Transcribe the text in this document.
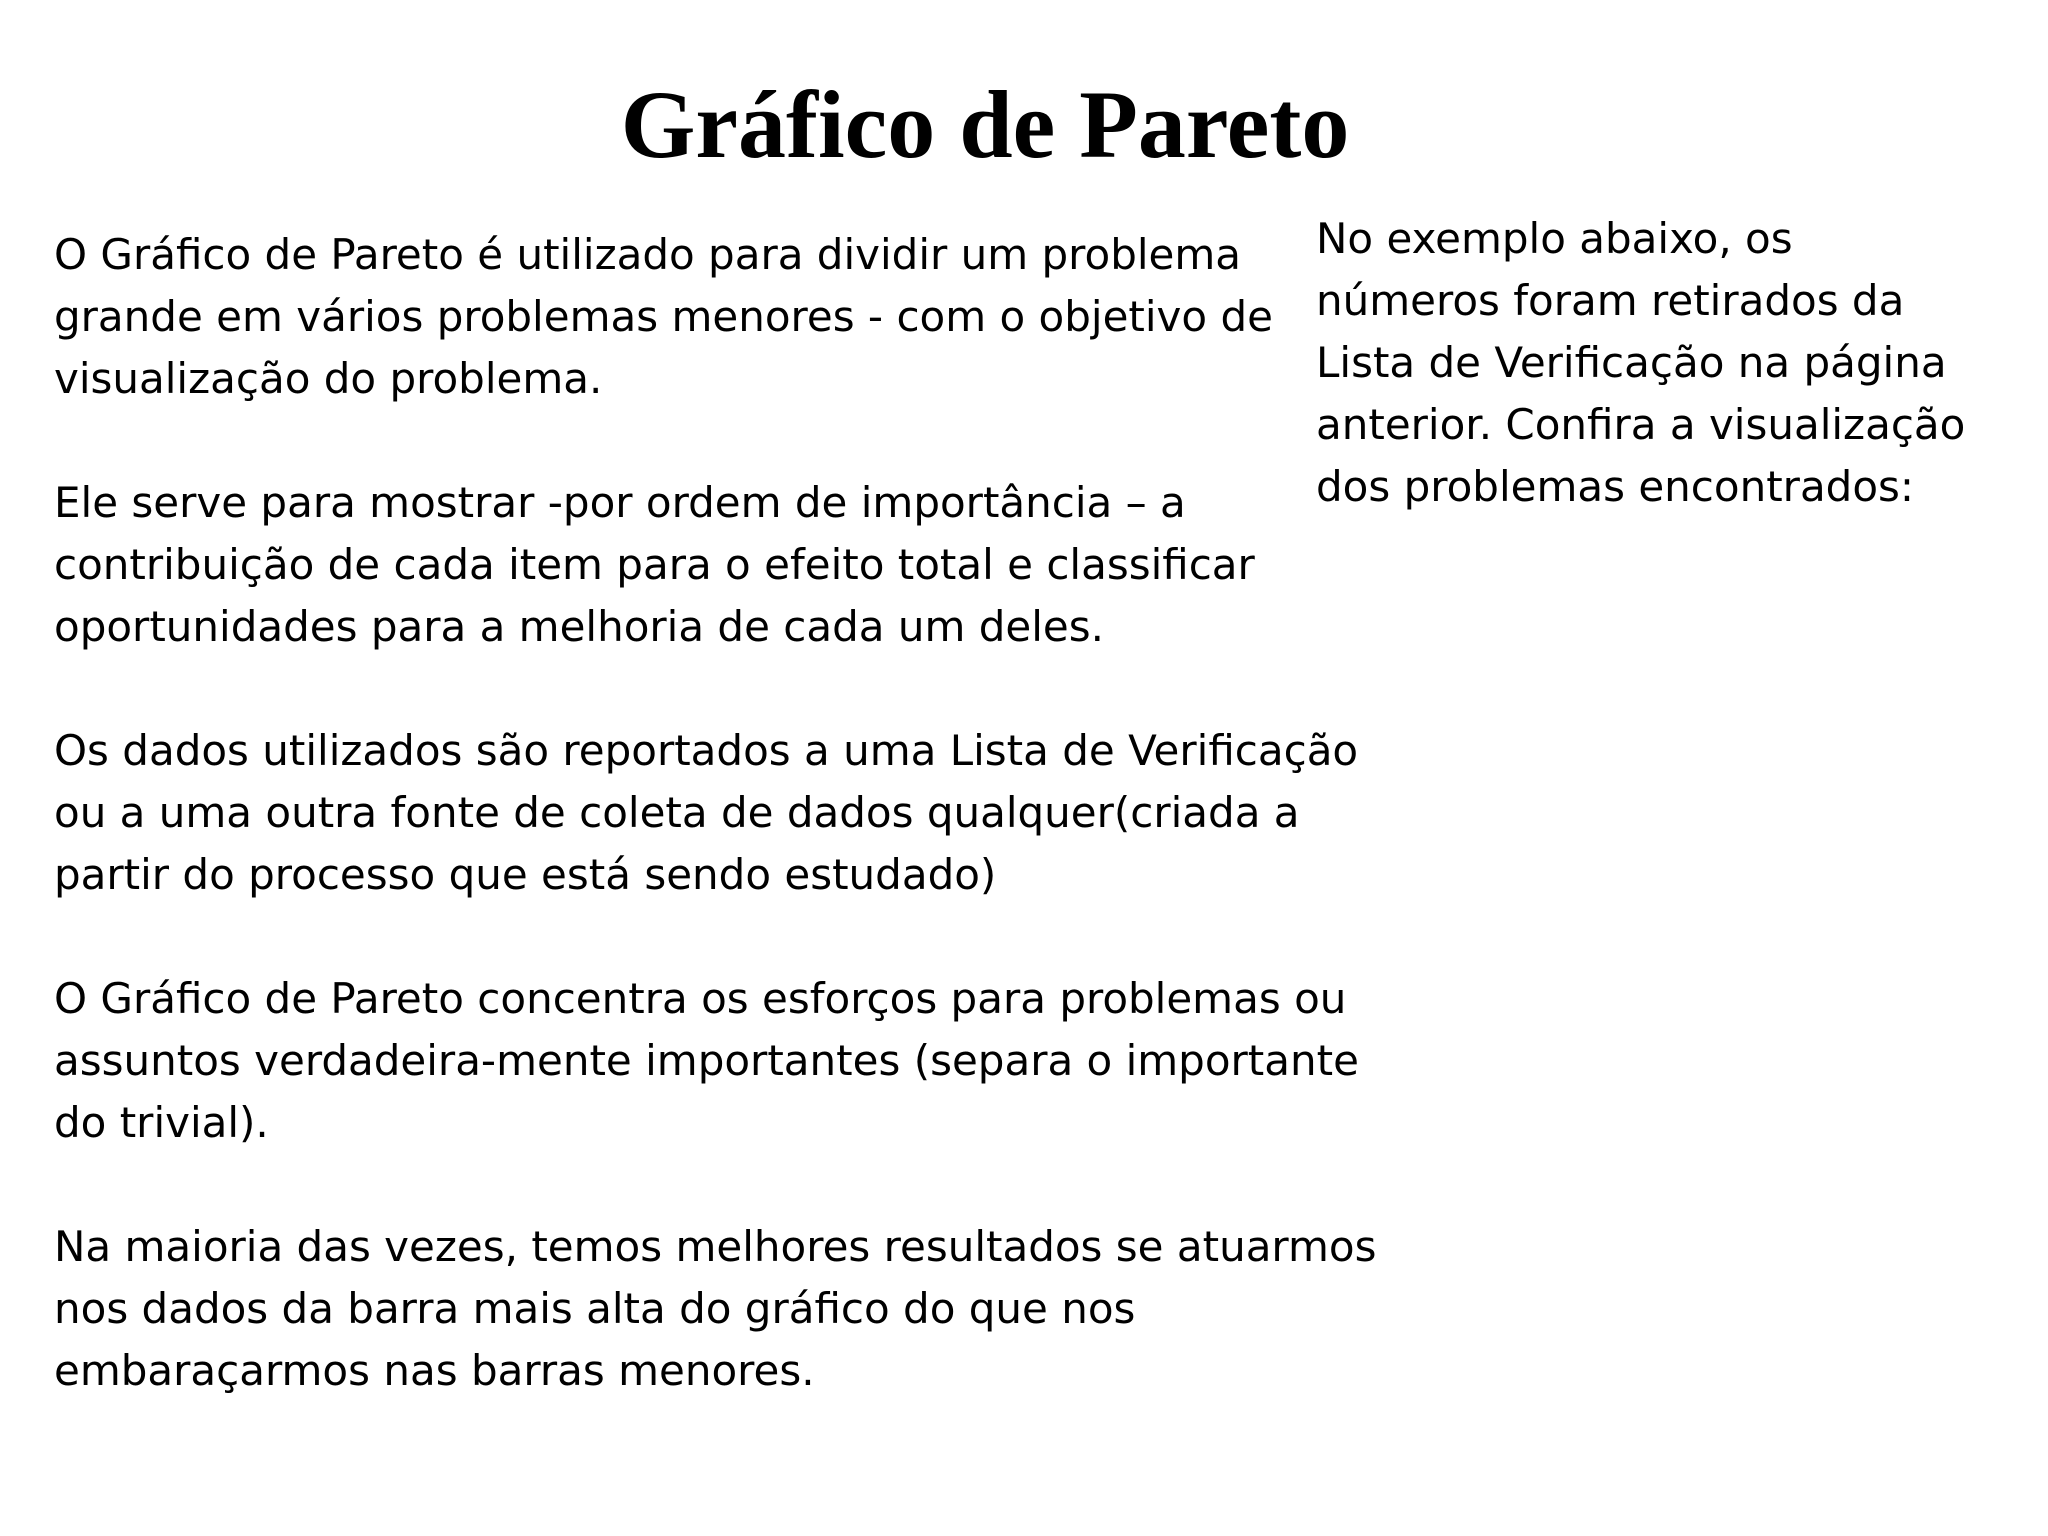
Gráfico de Pareto

O Gráfico de Pareto é utilizado para dividir um problema
grande em vários problemas menores - com o objetivo de
visualização do problema.

Ele serve para mostrar -por ordem de importância – a
contribuição de cada item para o efeito total e classificar
oportunidades para a melhoria de cada um deles.

Os dados utilizados são reportados a uma Lista de Verificação
ou a uma outra fonte de coleta de dados qualquer(criada a
partir do processo que está sendo estudado)

O Gráfico de Pareto concentra os esforços para problemas ou
assuntos verdadeira-mente importantes (separa o importante
do trivial).

Na maioria das vezes, temos melhores resultados se atuarmos
nos dados da barra mais alta do gráfico do que nos
embaraçarmos nas barras menores.

No exemplo abaixo, os
números foram retirados da
Lista de Verificação na página
anterior. Confira a visualização
dos problemas encontrados:
